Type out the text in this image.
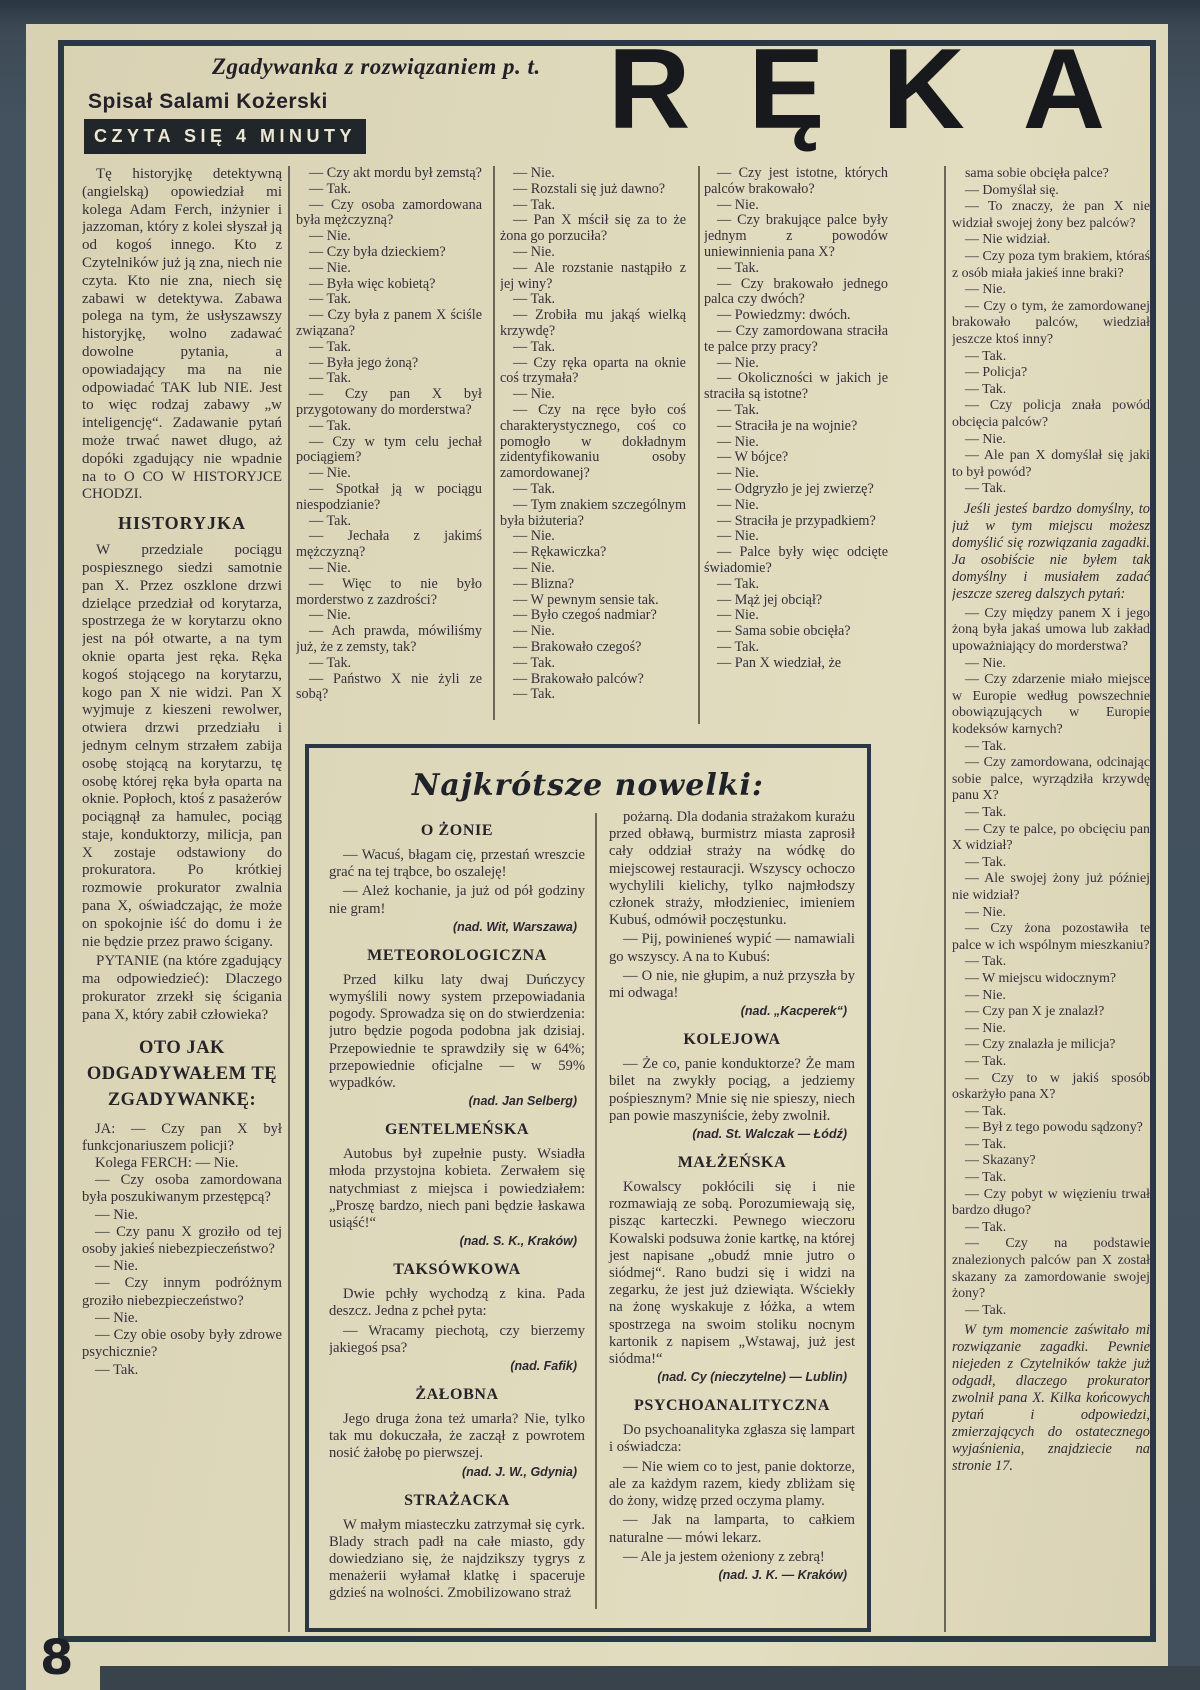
Zgadywanka z rozwiązaniem p. t.
Spisał Salami Kożerski
CZYTA SIĘ 4 MINUTY RĘKA

Tę historyjkę detektywną (angielską) opowiedział mi kolega Adam Ferch, inżynier i jazzoman, który z kolei słyszał ją od kogoś innego. Kto z Czytelników już ją zna, niech nie czyta. Kto nie zna, niech się zabawi w detektywa. Zabawa polega na tym, że usłyszawszy historyjkę, wolno zadawać dowolne pytania, a opowiadający ma na nie odpowiadać TAK lub NIE. Jest to więc rodzaj zabawy „w inteligencję“. Zadawanie pytań może trwać nawet długo, aż dopóki zgadujący nie wpadnie na to O CO W HISTORYJCE CHODZI.

HISTORYJKA

W przedziale pociągu pospiesznego siedzi samotnie pan X. Przez oszklone drzwi dzielące przedział od korytarza, spostrzega że w korytarzu okno jest na pół otwarte, a na tym oknie oparta jest ręka. Ręka kogoś stojącego na korytarzu, kogo pan X nie widzi. Pan X wyjmuje z kieszeni rewolwer, otwiera drzwi przedziału i jednym celnym strzałem zabija osobę stojącą na korytarzu, tę osobę której ręka była oparta na oknie. Popłoch, ktoś z pasażerów pociągnął za hamulec, pociąg staje, konduktorzy, milicja, pan X zostaje odstawiony do prokuratora. Po krótkiej rozmowie prokurator zwalnia pana X, oświadczając, że może on spokojnie iść do domu i że nie będzie przez prawo ścigany.

PYTANIE (na które zgadujący ma odpowiedzieć): Dlaczego prokurator zrzekł się ścigania pana X, który zabił człowieka?

OTO JAK ODGADYWAŁEM TĘ ZGADYWANKĘ:
JA: — Czy pan X był funkcjonariuszem policji?
Kolega FERCH: — Nie.
— Czy osoba zamordowana była poszukiwanym przestępcą?
— Nie.
— Czy panu X groziło od tej osoby jakieś niebezpieczeństwo?
— Nie.
— Czy innym podróżnym groziło niebezpieczeństwo?
— Nie.
— Czy obie osoby były zdrowe psychicznie?
— Tak.
— Czy akt mordu był zemstą?
— Tak.
— Czy osoba zamordowana była mężczyzną?
— Nie.
— Czy była dzieckiem?
— Nie.
— Była więc kobietą?
— Tak.
— Czy była z panem X ściśle związana?
— Tak.
— Była jego żoną?
— Tak.
— Czy pan X był przygotowany do morderstwa?
— Tak.
— Czy w tym celu jechał pociągiem?
— Nie.
— Spotkał ją w pociągu niespodzianie?
— Tak.
— Jechała z jakimś mężczyzną?
— Nie.
— Więc to nie było morderstwo z zazdrości?
— Nie.
— Ach prawda, mówiliśmy już, że z zemsty, tak?
— Tak.
— Państwo X nie żyli ze sobą?
— Nie.
— Rozstali się już dawno?
— Tak.
— Pan X mścił się za to że żona go porzuciła?
— Nie.
— Ale rozstanie nastąpiło z jej winy?
— Tak.
— Zrobiła mu jakąś wielką krzywdę?
— Tak.
— Czy ręka oparta na oknie coś trzymała?
— Nie.
— Czy na ręce było coś charakterystycznego, coś co pomogło w dokładnym zidentyfikowaniu osoby zamordowanej?
— Tak.
— Tym znakiem szczególnym była biżuteria?
— Nie.
— Rękawiczka?
— Nie.
— Blizna?
— W pewnym sensie tak.
— Było czegoś nadmiar?
— Nie.
— Brakowało czegoś?
— Tak.
— Brakowało palców?
— Tak.
— Czy jest istotne, których palców brakowało?
— Nie.
— Czy brakujące palce były jednym z powodów uniewinnienia pana X?
— Tak.
— Czy brakowało jednego palca czy dwóch?
— Powiedzmy: dwóch.
— Czy zamordowana straciła te palce przy pracy?
— Nie.
— Okoliczności w jakich je straciła są istotne?
— Tak.
— Straciła je na wojnie?
— Nie.
— W bójce?
— Nie.
— Odgryzło je jej zwierzę?
— Nie.
— Straciła je przypadkiem?
— Nie.
— Palce były więc odcięte świadomie?
— Tak.
— Mąż jej obciął?
— Nie.
— Sama sobie obcięła?
— Tak.
— Pan X wiedział, że
sama sobie obcięła palce?
— Domyślał się.
— To znaczy, że pan X nie widział swojej żony bez palców?
— Nie widział.
— Czy poza tym brakiem, któraś z osób miała jakieś inne braki?
— Nie.
— Czy o tym, że zamordowanej brakowało palców, wiedział jeszcze ktoś inny?
— Tak.
— Policja?
— Tak.
— Czy policja znała powód obcięcia palców?
— Nie.
— Ale pan X domyślał się jaki to był powód?
— Tak.

Jeśli jesteś bardzo domyślny, to już w tym miejscu możesz domyślić się rozwiązania zagadki. Ja osobiście nie byłem tak domyślny i musiałem zadać jeszcze szereg dalszych pytań:

— Czy między panem X i jego żoną była jakaś umowa lub zakład upoważniający do morderstwa?
— Nie.
— Czy zdarzenie miało miejsce w Europie według powszechnie obowiązujących w Europie kodeksów karnych?
— Tak.
— Czy zamordowana, odcinając sobie palce, wyrządziła krzywdę panu X?
— Tak.
— Czy te palce, po obcięciu pan X widział?
— Tak.
— Ale swojej żony już później nie widział?
— Nie.
— Czy żona pozostawiła te palce w ich wspólnym mieszkaniu?
— Tak.
— W miejscu widocznym?
— Nie.
— Czy pan X je znalazł?
— Nie.
— Czy znalazła je milicja?
— Tak.
— Czy to w jakiś sposób oskarżyło pana X?
— Tak.
— Był z tego powodu sądzony?
— Tak.
— Skazany?
— Tak.
— Czy pobyt w więzieniu trwał bardzo długo?
— Tak.
— Czy na podstawie znalezionych palców pan X został skazany za zamordowanie swojej żony?
— Tak.

W tym momencie zaświtało mi rozwiązanie zagadki. Pewnie niejeden z Czytelników także już odgadł, dlaczego prokurator zwolnił pana X. Kilka końcowych pytań i odpowiedzi, zmierzających do ostatecznego wyjaśnienia, znajdziecie na stronie 17.

Najkrótsze nowelki:
O ŻONIE

— Wacuś, błagam cię, przestań wreszcie grać na tej trąbce, bo oszaleję!

— Ależ kochanie, ja już od pół godziny nie gram!

(nad. Wit, Warszawa)
METEOROLOGICZNA

Przed kilku laty dwaj Duńczycy wymyślili nowy system przepowiadania pogody. Sprowadza się on do stwierdzenia: jutro będzie pogoda podobna jak dzisiaj. Przepowiednie te sprawdziły się w 64%; przepowiednie oficjalne — w 59% wypadków.

(nad. Jan Selberg)
GENTELMEŃSKA

Autobus był zupełnie pusty. Wsiadła młoda przystojna kobieta. Zerwałem się natychmiast z miejsca i powiedziałem: „Proszę bardzo, niech pani będzie łaskawa usiąść!“

(nad. S. K., Kraków)
TAKSÓWKOWA

Dwie pchły wychodzą z kina. Pada deszcz. Jedna z pcheł pyta:

— Wracamy piechotą, czy bierzemy jakiegoś psa?

(nad. Fafik)
ŻAŁOBNA

Jego druga żona też umarła? Nie, tylko tak mu dokuczała, że zaczął z powrotem nosić żałobę po pierwszej.

(nad. J. W., Gdynia)
STRAŻACKA

W małym miasteczku zatrzymał się cyrk. Blady strach padł na całe miasto, gdy dowiedziano się, że najdzikszy tygrys z menażerii wyłamał klatkę i spaceruje gdzieś na wolności. Zmobilizowano straż

pożarną. Dla dodania strażakom kurażu przed obławą, burmistrz miasta zaprosił cały oddział straży na wódkę do miejscowej restauracji. Wszyscy ochoczo wychylili kielichy, tylko najmłodszy członek straży, młodzieniec, imieniem Kubuś, odmówił poczęstunku.

— Pij, powinieneś wypić — namawiali go wszyscy. A na to Kubuś:

— O nie, nie głupim, a nuż przyszła by mi odwaga!

(nad. „Kacperek“)
KOLEJOWA

— Że co, panie konduktorze? Że mam bilet na zwykły pociąg, a jedziemy pośpiesznym? Mnie się nie spieszy, niech pan powie maszyniście, żeby zwolnił.

(nad. St. Walczak — Łódź)
MAŁŻEŃSKA

Kowalscy pokłócili się i nie rozmawiają ze sobą. Porozumiewają się, pisząc karteczki. Pewnego wieczoru Kowalski podsuwa żonie kartkę, na której jest napisane „obudź mnie jutro o siódmej“. Rano budzi się i widzi na zegarku, że jest już dziewiąta. Wściekły na żonę wyskakuje z łóżka, a wtem spostrzega na swoim stoliku nocnym kartonik z napisem „Wstawaj, już jest siódma!“

(nad. Cy (nieczytelne) — Lublin)
PSYCHOANALITYCZNA

Do psychoanalityka zgłasza się lampart i oświadcza:

— Nie wiem co to jest, panie doktorze, ale za każdym razem, kiedy zbliżam się do żony, widzę przed oczyma plamy.

— Jak na lamparta, to całkiem naturalne — mówi lekarz.

— Ale ja jestem ożeniony z zebrą!

(nad. J. K. — Kraków)
8
